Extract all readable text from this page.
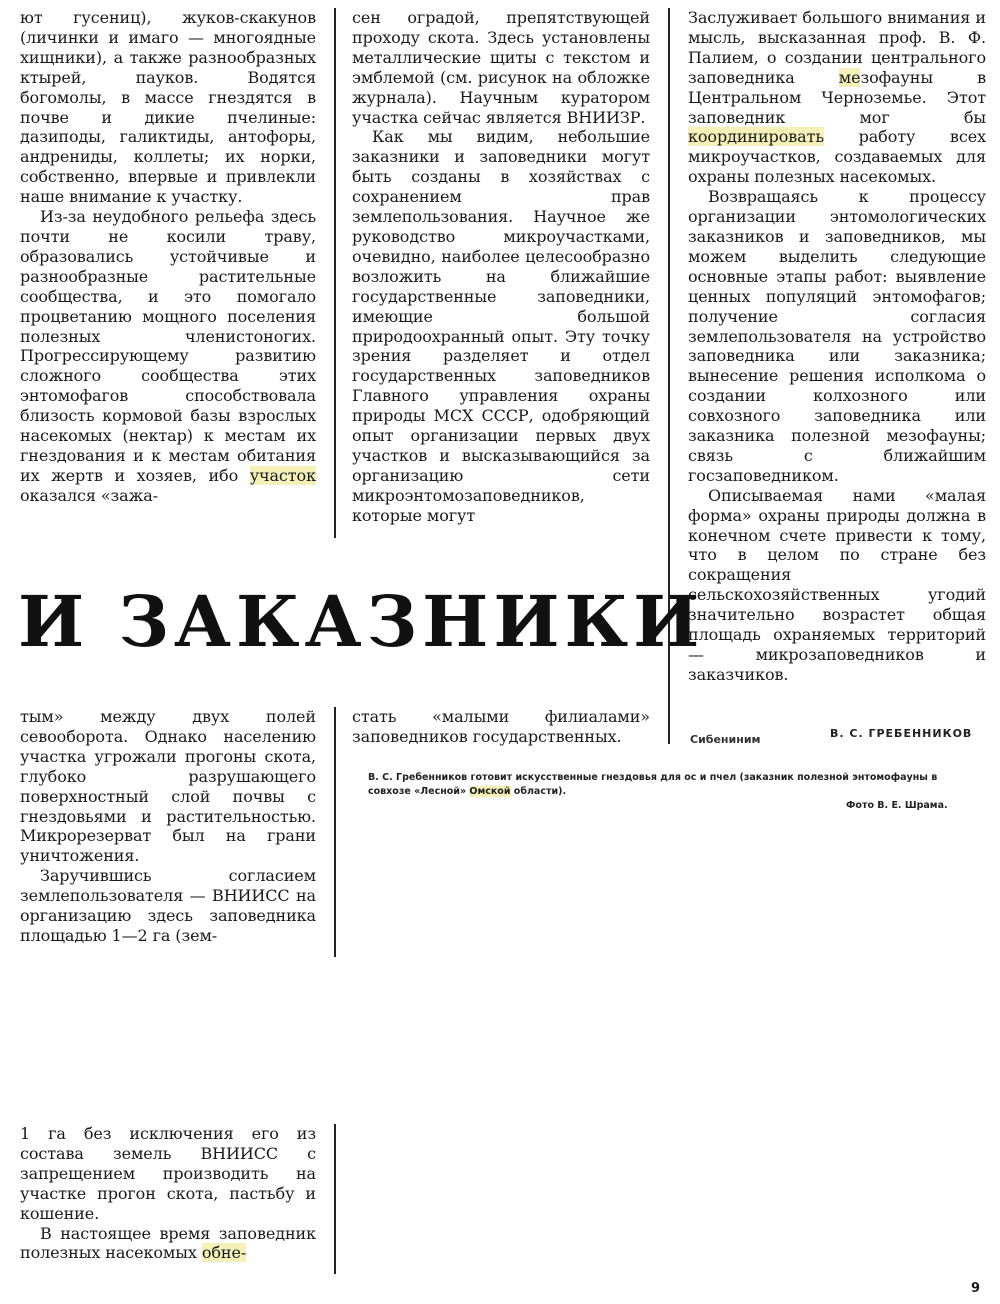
ют гусениц), жуков-скакунов (личинки и имаго — многоядные хищники), а также разнообразных ктырей, пауков. Водятся богомолы, в массе гнездятся в почве и дикие пчелиные: дазиподы, галиктиды, антофоры, андрениды, коллеты; их норки, собственно, впервые и привлекли наше внимание к участку.

Из-за неудобного рельефа здесь почти не косили траву, образовались устойчивые и разнообразные растительные сообщества, и это помогало процветанию мощного поселения полезных членистоногих. Прогрессирующему развитию сложного сообщества этих энтомофагов способствовала близость кормовой базы взрослых насекомых (нектар) к местам их гнездования и к местам обитания их жертв и хозяев, ибо участок оказался «зажа-

сен оградой, препятствующей проходу скота. Здесь установлены металлические щиты с текстом и эмблемой (см. рисунок на обложке журнала). Научным куратором участка сейчас является ВНИИЗР.

Как мы видим, небольшие заказники и заповедники могут быть созданы в хозяйствах с сохранением прав землепользования. Научное же руководство микроучастками, очевидно, наиболее целесообразно возложить на ближайшие государственные заповедники, имеющие большой природоохранный опыт. Эту точку зрения разделяет и отдел государственных заповедников Главного управления охраны природы МСХ СССР, одобряющий опыт организации первых двух участков и высказывающийся за организацию сети микроэнтомозаповедников, которые могут

Заслуживает большого внимания и мысль, высказанная проф. В. Ф. Палием, о создании центрального заповедника мезофауны в Центральном Черноземье. Этот заповедник мог бы координировать работу всех микроучастков, создаваемых для охраны полезных насекомых.

Возвращаясь к процессу организации энтомологических заказников и заповедников, мы можем выделить следующие основные этапы работ: выявление ценных популяций энтомофагов; получение согласия землепользователя на устройство заповедника или заказника; вынесение решения исполкома о создании колхозного или совхозного заповедника или заказника полезной мезофауны; связь с ближайшим госзаповедником.

Описываемая нами «малая форма» охраны природы должна в конечном счете привести к тому, что в целом по стране без сокращения сельскохозяйственных угодий значительно возрастет общая площадь охраняемых территорий — микрозаповедников и заказчиков.

И ЗАКАЗНИКИ

тым» между двух полей севооборота. Однако населению участка угрожали прогоны скота, глубоко разрушающего поверхностный слой почвы с гнездовьями и растительностью. Микрорезерват был на грани уничтожения.

Заручившись согласием землепользователя — ВНИИСС на организацию здесь заповедника площадью 1—2 га (зем-

стать «малыми филиалами» заповедников государственных.	Сибениним	В. С. ГРЕБЕННИКОВ
В. С. Гребенников готовит искусственные гнездовья для ос и пчел (заказник полезной энтомофауны в совхозе «Лесной» Омской области).
Фото В. Е. Шрама.

1 га без исключения его из состава земель ВНИИСС с запрещением производить на участке прогон скота, пастьбу и кошение.

В настоящее время заповедник полезных насекомых обне-

9
